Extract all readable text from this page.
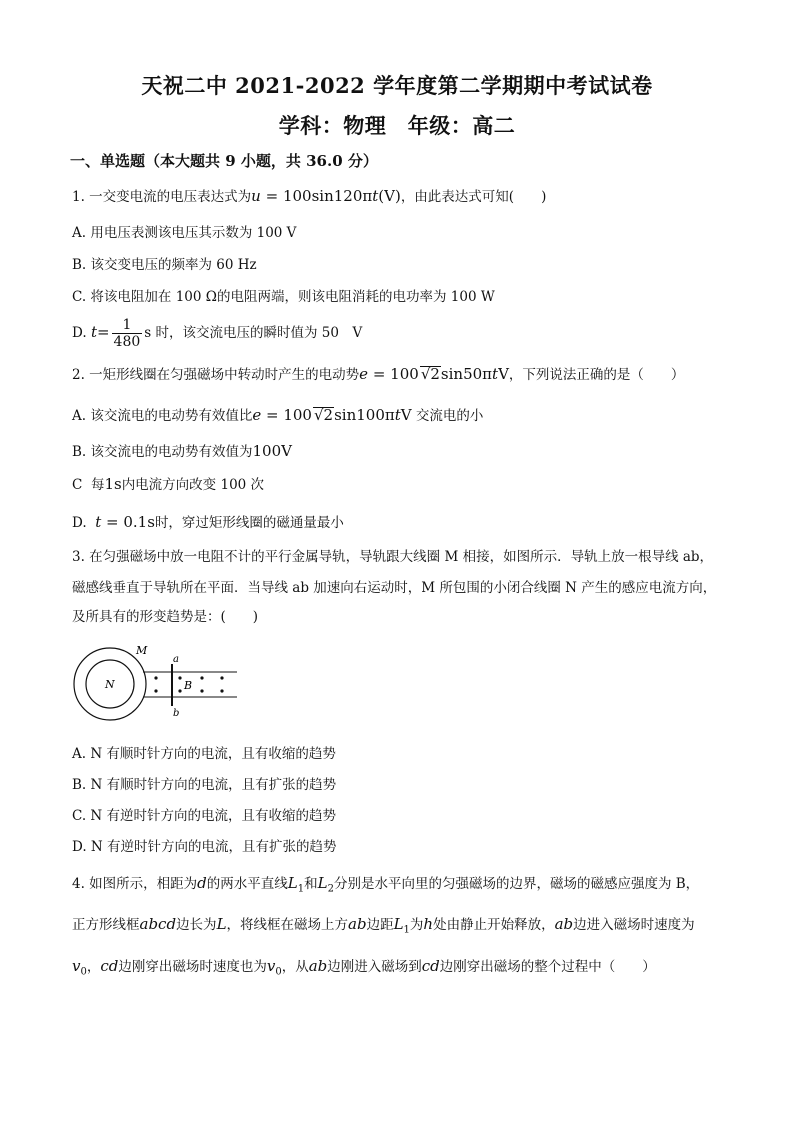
天祝二中 2021-2022 学年度第二学期期中考试试卷
学科：物理　年级：高二
一、单选题（本大题共 9 小题，共 36.0 分）
1. 一交变电流的电压表达式为u = 100sin120πt(V)，由此表达式可知(　　)
A. 用电压表测该电压其示数为 100 V
B. 该交变电压的频率为 60 Hz
C. 将该电阻加在 100 Ω的电阻两端，则该电阻消耗的电功率为 100 W
D. $t= \frac{1}{480}$ s 时，该交流电压的瞬时值为 50　V
2. 一矩形线圈在匀强磁场中转动时产生的电动势e = 100 √2sin50πtV，下列说法正确的是（　　）
A. 该交流电的电动势有效值比e = 100 √2sin100πtV 交流电的小
B. 该交流电的电动势有效值为100V
C 每1s内电流方向改变 100 次
D. t = 0.1s时，穿过矩形线圈的磁通量最小
3. 在匀强磁场中放一电阻不计的平行金属导轨，导轨跟大线圈 M 相接，如图所示．导轨上放一根导线 ab，
磁感线垂直于导轨所在平面．当导线 ab 加速向右运动时，M 所包围的小闭合线圈 N 产生的感应电流方向，
及所具有的形变趋势是：(　　)
M
N
a
b
B
A. N 有顺时针方向的电流，且有收缩的趋势
B. N 有顺时针方向的电流，且有扩张的趋势
C. N 有逆时针方向的电流，且有收缩的趋势
D. N 有逆时针方向的电流，且有扩张的趋势
4. 如图所示，相距为d的两水平直线$L_1$和$L_2$分别是水平向里的匀强磁场的边界，磁场的磁感应强度为 B，
正方形线框abcd边长为L，将线框在磁场上方ab边距$L_1$为h处由静止开始释放，ab边进入磁场时速度为
$v_0$，cd边刚穿出磁场时速度也为$v_0$，从ab边刚进入磁场到cd边刚穿出磁场的整个过程中（　　）
